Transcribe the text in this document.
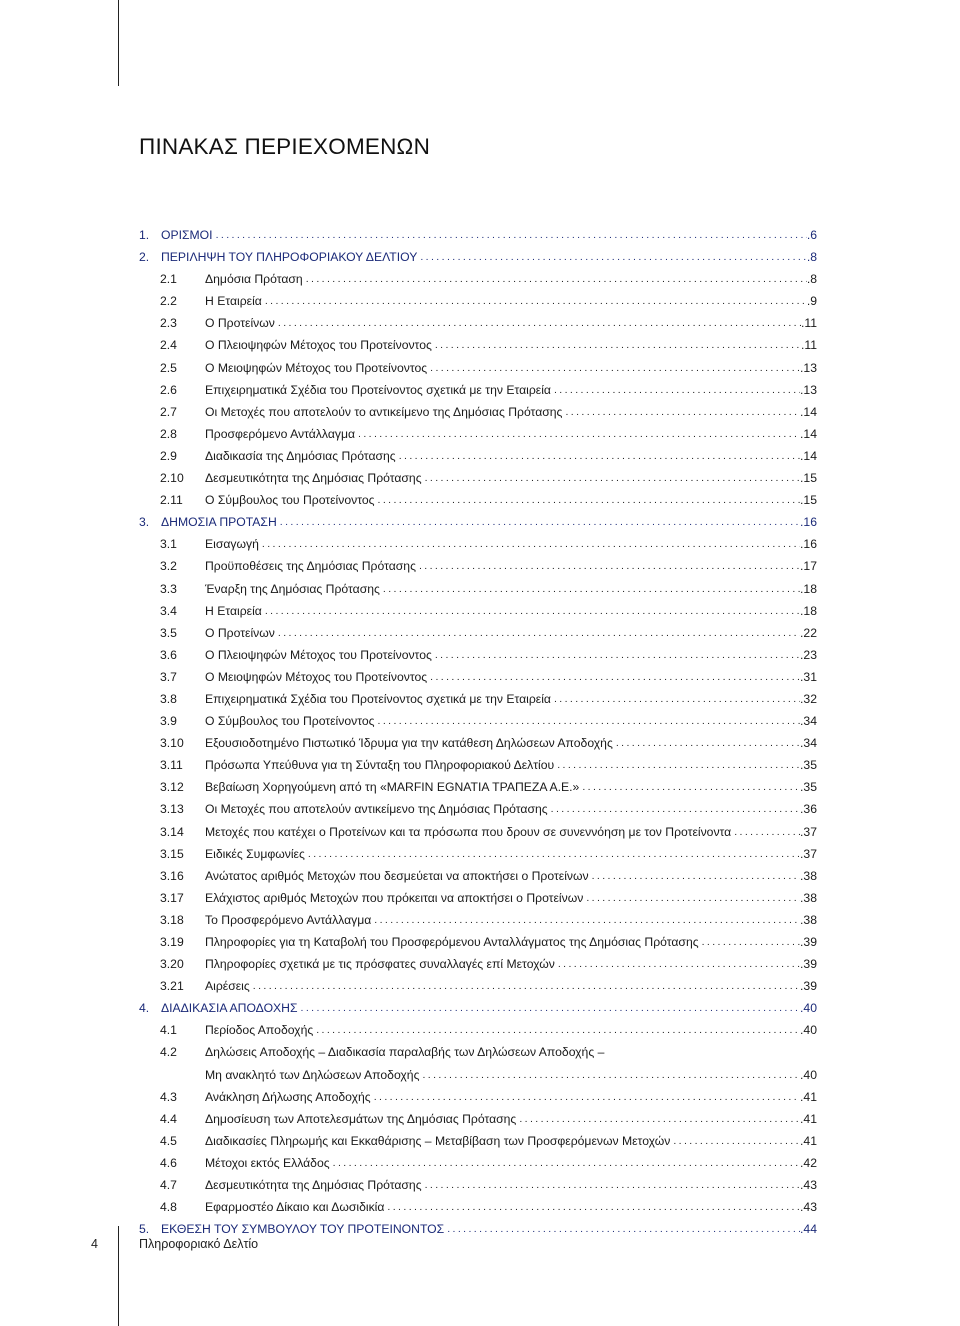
ΠΙΝΑΚΑΣ ΠΕΡΙΕΧΟΜΕΝΩΝ
1. ΟΡΙΣΜΟΙ .....	.6
2. ΠΕΡΙΛΗΨΗ ΤΟΥ ΠΛΗΡΟΦΟΡΙΑΚΟΥ ΔΕΛΤΙΟΥ .....	.8
2.1 Δημόσια Πρόταση .....	.8
2.2 Η Εταιρεία .....	.9
2.3 Ο Προτείνων .....	.11
2.4 Ο Πλειοψηφών Μέτοχος του Προτείνοντος .....	.11
2.5 Ο Μειοψηφών Μέτοχος του Προτείνοντος .....	.13
2.6 Επιχειρηματικά Σχέδια του Προτείνοντος σχετικά με την Εταιρεία .....	.13
2.7 Οι Μετοχές που αποτελούν το αντικείμενο της Δημόσιας Πρότασης .....	.14
2.8 Προσφερόμενο Αντάλλαγμα .....	.14
2.9 Διαδικασία της Δημόσιας Πρότασης .....	.14
2.10 Δεσμευτικότητα της Δημόσιας Πρότασης .....	.15
2.11 Ο Σύμβουλος του Προτείνοντος .....	.15
3. ΔΗΜΟΣΙΑ ΠΡΟΤΑΣΗ .....	.16
3.1 Εισαγωγή .....	.16
3.2 Προϋποθέσεις της Δημόσιας Πρότασης .....	.17
3.3 Έναρξη της Δημόσιας Πρότασης .....	.18
3.4 Η Εταιρεία .....	.18
3.5 Ο Προτείνων .....	.22
3.6 Ο Πλειοψηφών Μέτοχος του Προτείνοντος .....	.23
3.7 Ο Μειοψηφών Μέτοχος του Προτείνοντος .....	.31
3.8 Επιχειρηματικά Σχέδια του Προτείνοντος σχετικά με την Εταιρεία .....	.32
3.9 Ο Σύμβουλος του Προτείνοντος .....	.34
3.10 Εξουσιοδοτημένο Πιστωτικό Ίδρυμα για την κατάθεση Δηλώσεων Αποδοχής .....	.34
3.11 Πρόσωπα Υπεύθυνα για τη Σύνταξη του Πληροφοριακού Δελτίου .....	.35
3.12 Βεβαίωση Χορηγούμενη από τη «MARFIN EGNATIA ΤΡΑΠΕΖΑ Α.Ε.» .....	.35
3.13 Οι Μετοχές που αποτελούν αντικείμενο της Δημόσιας Πρότασης .....	.36
3.14 Μετοχές που κατέχει ο Προτείνων και τα πρόσωπα που δρουν σε συνεννόηση με τον Προτείνοντα .....	.37
3.15 Ειδικές Συμφωνίες .....	.37
3.16 Ανώτατος αριθμός Μετοχών που δεσμεύεται να αποκτήσει ο Προτείνων .....	.38
3.17 Ελάχιστος αριθμός Μετοχών που πρόκειται να αποκτήσει ο Προτείνων .....	.38
3.18 Το Προσφερόμενο Αντάλλαγμα .....	.38
3.19 Πληροφορίες για τη Καταβολή του Προσφερόμενου Ανταλλάγματος της Δημόσιας Πρότασης .....	.39
3.20 Πληροφορίες σχετικά με τις πρόσφατες συναλλαγές επί Μετοχών .....	.39
3.21 Αιρέσεις .....	.39
4. ΔΙΑΔΙΚΑΣΙΑ ΑΠΟΔΟΧΗΣ .....	.40
4.1 Περίοδος Αποδοχής .....	.40
4.2 Δηλώσεις Αποδοχής – Διαδικασία παραλαβής των Δηλώσεων Αποδοχής –
Μη ανακλητό των Δηλώσεων Αποδοχής .....	.40
4.3 Ανάκληση Δήλωσης Αποδοχής .....	.41
4.4 Δημοσίευση των Αποτελεσμάτων της Δημόσιας Πρότασης .....	.41
4.5 Διαδικασίες Πληρωμής και Εκκαθάρισης – Μεταβίβαση των Προσφερόμενων Μετοχών .....	.41
4.6 Μέτοχοι εκτός Ελλάδος .....	.42
4.7 Δεσμευτικότητα της Δημόσιας Πρότασης .....	.43
4.8 Εφαρμοστέο Δίκαιο και Δωσιδικία .....	.43
5. ΕΚΘΕΣΗ ΤΟΥ ΣΥΜΒΟΥΛΟΥ ΤΟΥ ΠΡΟΤΕΙΝΟΝΤΟΣ .....	.44
4	Πληροφοριακό Δελτίο
